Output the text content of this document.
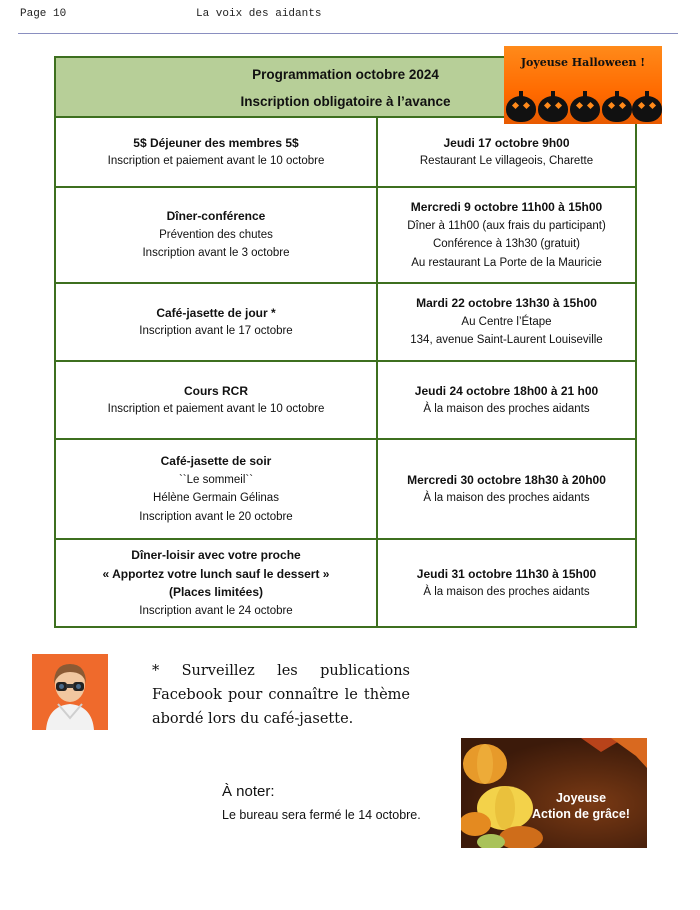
Page 10	La voix des aidants
Programmation octobre 2024
Inscription obligatoire à l’avance
5$ Déjeuner des membres 5$
Inscription et paiement avant le 10 octobre
Jeudi 17 octobre 9h00
Restaurant Le villageois, Charette
Dîner-conférence
Prévention des chutes
Inscription avant le 3 octobre
Mercredi 9 octobre 11h00 à 15h00
Dîner à 11h00 (aux frais du participant)
Conférence à 13h30 (gratuit)
Au restaurant La Porte de la Mauricie
Café-jasette de jour *
Inscription avant le 17 octobre
Mardi 22 octobre 13h30 à 15h00
Au Centre l’Étape
134, avenue Saint-Laurent Louiseville
Cours RCR
Inscription et paiement avant le 10 octobre
Jeudi 24 octobre 18h00 à 21 h00
À la maison des proches aidants
Café-jasette de soir
``Le sommeil``
Hélène Germain Gélinas
Inscription avant le 20 octobre
Mercredi 30 octobre 18h30 à 20h00
À la maison des proches aidants
Dîner-loisir avec votre proche
« Apportez votre lunch sauf le dessert »
(Places limitées)
Inscription avant le 24 octobre
Jeudi 31 octobre 11h30 à 15h00
À la maison des proches aidants
Joyeuse Halloween !
* Surveillez les publications Facebook pour connaître le thème abordé lors du café-jasette.
À noter:
Le bureau sera fermé le 14 octobre.
Joyeuse
Action de grâce!
